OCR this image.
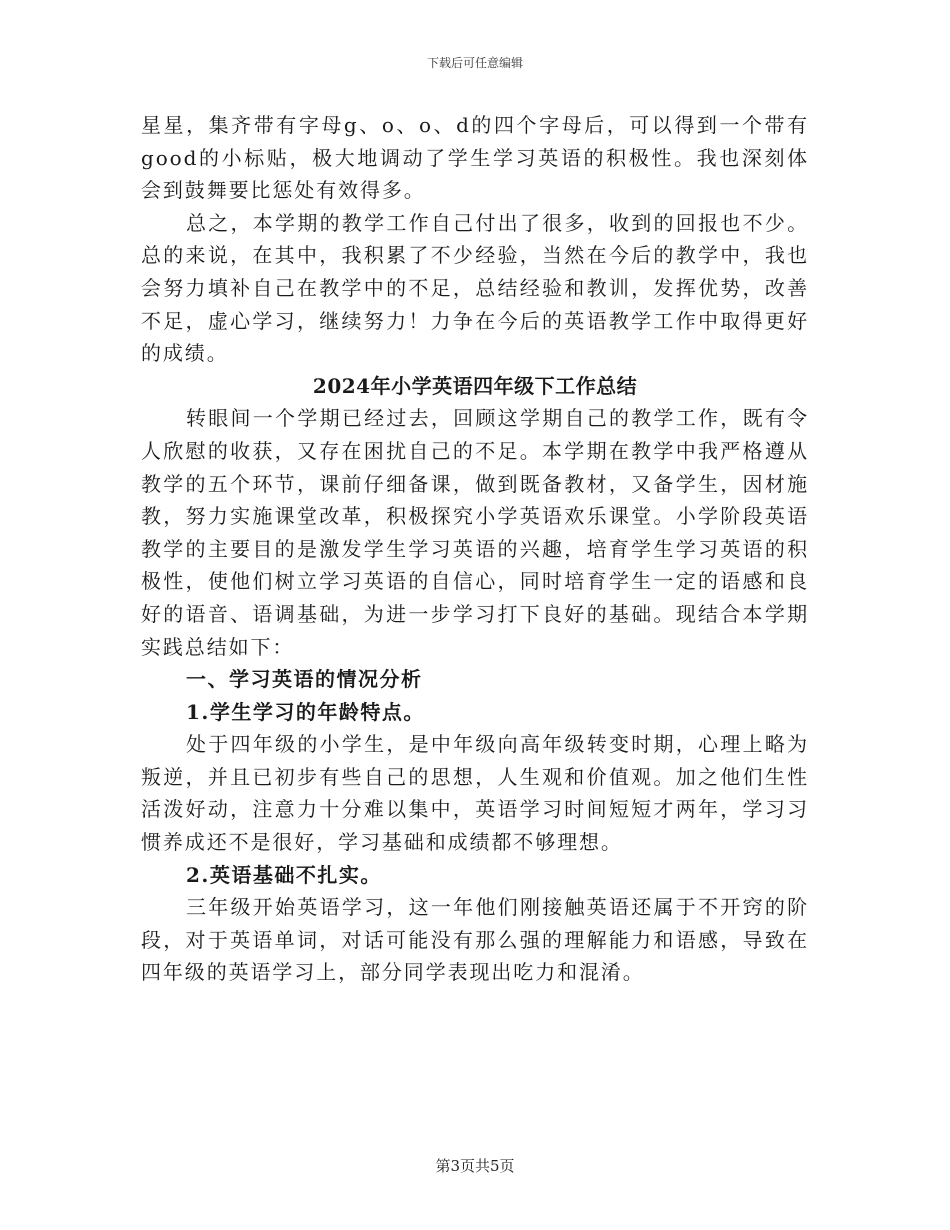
下载后可任意编辑

星星，集齐带有字母g、o、o、d的四个字母后，可以得到一个带有good的小标贴，极大地调动了学生学习英语的积极性。我也深刻体会到鼓舞要比惩处有效得多。

总之，本学期的教学工作自己付出了很多，收到的回报也不少。总的来说，在其中，我积累了不少经验，当然在今后的教学中，我也会努力填补自己在教学中的不足，总结经验和教训，发挥优势，改善不足，虚心学习，继续努力！力争在今后的英语教学工作中取得更好的成绩。

2024年小学英语四年级下工作总结

转眼间一个学期已经过去，回顾这学期自己的教学工作，既有令人欣慰的收获，又存在困扰自己的不足。本学期在教学中我严格遵从教学的五个环节，课前仔细备课，做到既备教材，又备学生，因材施教，努力实施课堂改革，积极探究小学英语欢乐课堂。小学阶段英语教学的主要目的是激发学生学习英语的兴趣，培育学生学习英语的积极性，使他们树立学习英语的自信心，同时培育学生一定的语感和良好的语音、语调基础，为进一步学习打下良好的基础。现结合本学期实践总结如下：

一、学习英语的情况分析

1.学生学习的年龄特点。

处于四年级的小学生，是中年级向高年级转变时期，心理上略为叛逆，并且已初步有些自己的思想，人生观和价值观。加之他们生性活泼好动，注意力十分难以集中，英语学习时间短短才两年，学习习惯养成还不是很好，学习基础和成绩都不够理想。

2.英语基础不扎实。

三年级开始英语学习，这一年他们刚接触英语还属于不开窍的阶段，对于英语单词，对话可能没有那么强的理解能力和语感，导致在四年级的英语学习上，部分同学表现出吃力和混淆。

第3页共5页
